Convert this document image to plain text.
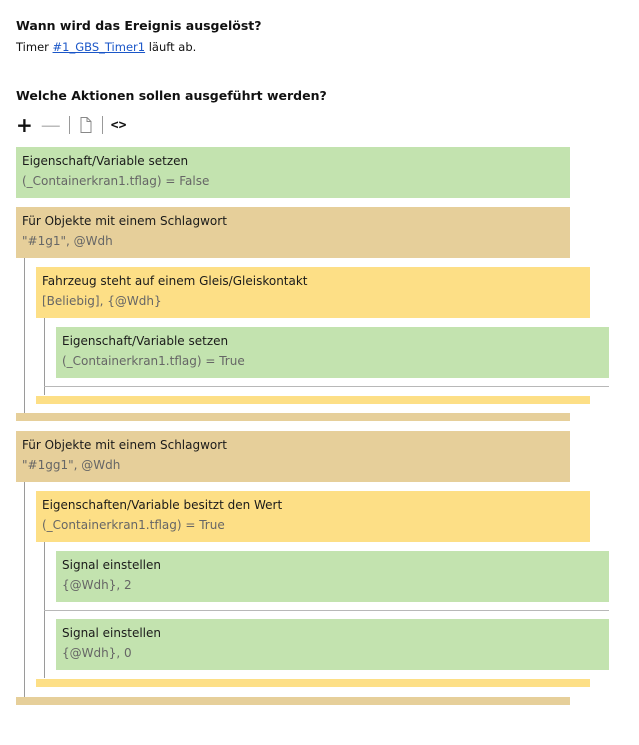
Wann wird das Ereignis ausgelöst?
Timer #1_GBS_Timer1 läuft ab.
Welche Aktionen sollen ausgeführt werden?
+ —	<>
Eigenschaft/Variable setzen
(_Containerkran1.tflag) = False
Für Objekte mit einem Schlagwort
"#1g1", @Wdh
Fahrzeug steht auf einem Gleis/Gleiskontakt
[Beliebig], {@Wdh}
Eigenschaft/Variable setzen
(_Containerkran1.tflag) = True
Für Objekte mit einem Schlagwort
"#1gg1", @Wdh
Eigenschaften/Variable besitzt den Wert
(_Containerkran1.tflag) = True
Signal einstellen
{@Wdh}, 2
Signal einstellen
{@Wdh}, 0
